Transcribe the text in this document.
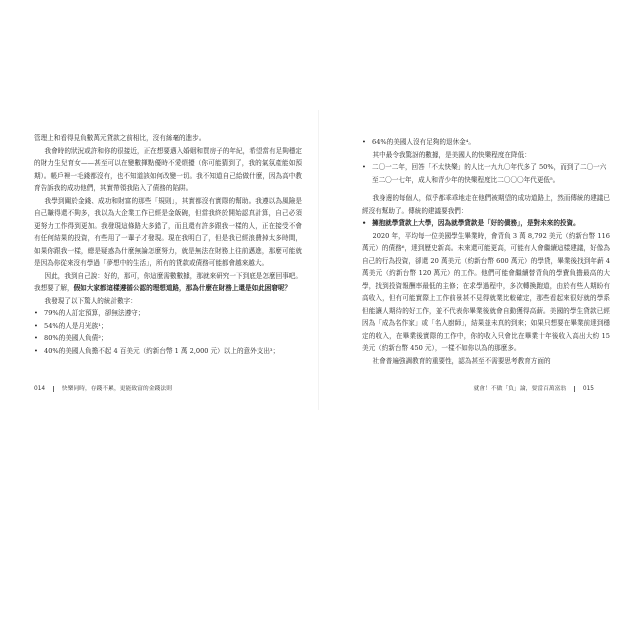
管理上和看得見負數萬元貸款之前相比，沒有絲毫的進步。

我會時的狀況或許和你的很接近，正在想要邁入婚姻和買房子的年紀，希望當有足夠穩定的財力生兒育女——甚至可以在變數揮點優時不愛煩擾（你可能猜到了，我的氣氛產能如預期）。帳戶裡一毛錢都沒有，也不知道該如何改變一切。我不知道自己給做什麼，因為高中教育告訴我的成功他們，其實帶領我陷入了債務的陷阱。

我學到關於金錢、成功和財富的那些「規則」，其實都沒有實際的幫助。我遵以為風險是自己賺得還不夠多，我以為大企業工作已經是金飯碗，但當我終於開始認真計算，自己必須更努力工作得到更加。我發現這條路大多錯了，而且還有許多跟我一樣的人，正在接受不會有任何結果的投資，有些用了一輩子才發現。現在我明白了，但是我已經浪費掉太多時間，如果你跟我一樣，總是疑惑為什麼無論怎麼努力，就是無法在財務上往前邁進，那麼可能就是因為你從來沒有學過「夢想中的生活」，所有的貸款或債務可能都會越來越大。

因此，我到自己說：好的，那可，你這麼需數數據，那就來研究一下到底是怎麼回事吧。我想要了解，假如大家都這樣遵循公認的理想道路，那為什麼在財務上還是如此困窘呢？

我發現了以下驚人的統計數字：

• 79%的人訂定預算，卻無法遵守；
• 54%的人是月光族¹；
• 80%的美國人負債²；
• 40%的美國人負擔不起 4 百美元（約新台幣 1 萬 2,000 元）以上的意外支出³；
014	快樂同時，存錢不累，更能致富的金錢法則
• 64%的美國人沒有足夠的退休金⁴。

其中最令我驚訝的數據，是美國人的快樂程度在降低：

• 二〇一二年，回答「不太快樂」的人比一九九〇年代多了 50%，而到了二〇一六至二〇一七年，成人和青少年的快樂程度比二〇〇〇年代更低⁵。

我身邊的每個人，似乎都乖乖地走在他們被期望的成功道路上，然而傳統的建議已經沒有幫助了。傳統的建議要我們：

• 擁抱就學貸款上大學，因為就學貸款是「好的債務」，是對未來的投資。

2020 年，平均每一位美國學生畢業時，會背負 3 萬 8,792 美元（約新台幣 116 萬元）的債務⁶，達到歷史新高。未來還可能更高，可能有人會繼續這樣建議，好像為自己的行為投資，卻還 20 萬美元（約新台幣 600 萬元）的學貸，畢業後找到年薪 4 萬美元（約新台幣 120 萬元）的工作。他們可能會繼續替背負的學費負擔最高的大學，找到投資報酬率最低的主修；在求學過程中，多次轉換跑道，由於有些人期盼有高收入，但有可能實際上工作前景甚不見得就業比較確定，那些看起來很好就的學系但能讓人期待的好工作，並不代表你畢業後就會自動獲得高薪。美國的學生貸款已經因為「成為名作家」或「名人廚師」，結果並未真的到來；如果只想要在畢業前達到穩定的收入，在畢業後實際的工作中，你的收入只會比在畢業十年後收入高出大約 15 美元（約新台幣 450 元），一樣不如你以為的那麼多。

社會普遍強調教育的重要性，認為甚至不需要思考教育方面的

就會！不做「負」論，要當百萬富翁	015
